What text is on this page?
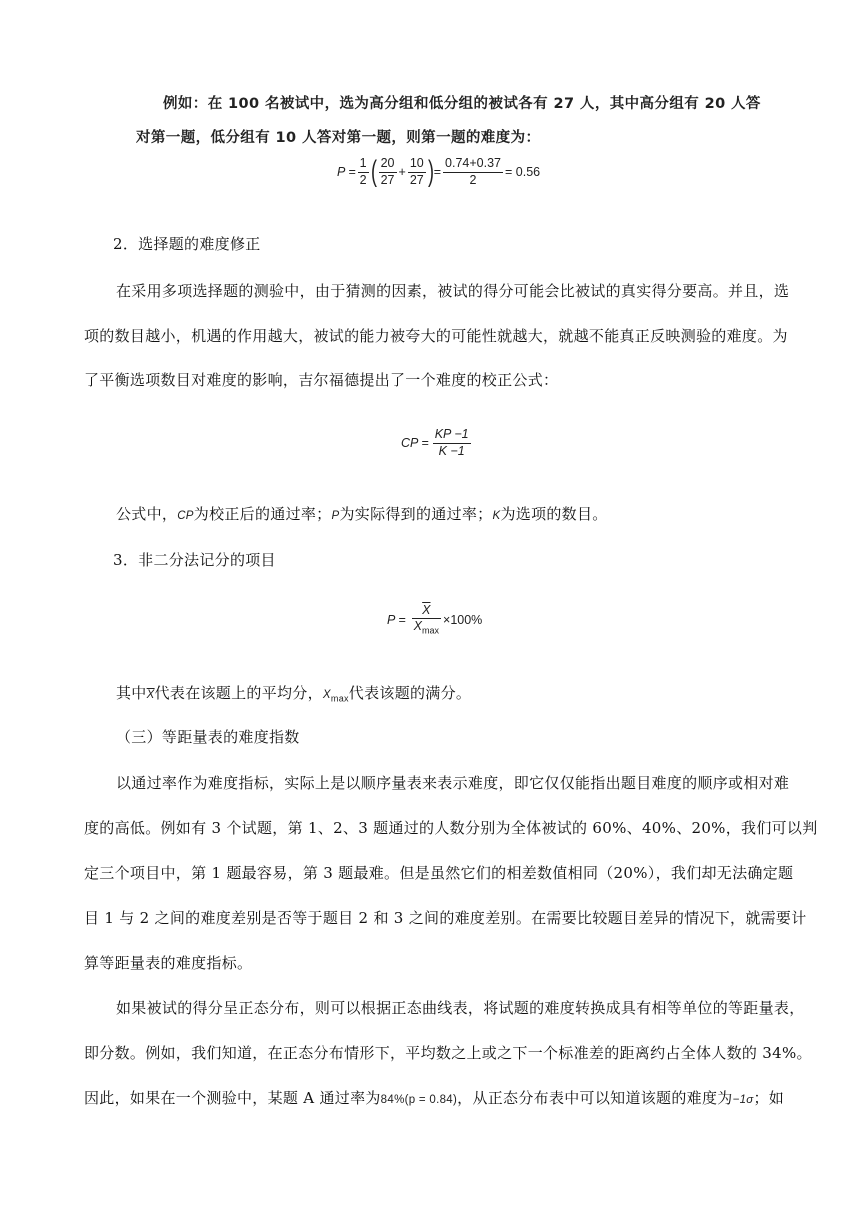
例如：在 100 名被试中，选为高分组和低分组的被试各有 27 人，其中高分组有 20 人答
对第一题，低分组有 10 人答对第一题，则第一题的难度为：
$P = \frac{1}{2}$ ( $\frac{20}{27} + \frac{10}{27}$ ) = $\frac{0.74+0.37}{2} = 0.56$
2．选择题的难度修正
在采用多项选择题的测验中，由于猜测的因素，被试的得分可能会比被试的真实得分要高。并且，选
项的数目越小，机遇的作用越大，被试的能力被夸大的可能性就越大，就越不能真正反映测验的难度。为
了平衡选项数目对难度的影响，吉尔福德提出了一个难度的校正公式：
CP = $\frac{KP -1}{K -1}$
公式中，CP为校正后的通过率；P为实际得到的通过率；K为选项的数目。
3．非二分法记分的项目
$P = \frac{\overline{X}}{X_{max}} \times 100\%$
其中$\overline{X}$代表在该题上的平均分，$X_{max}$代表该题的满分。
（三）等距量表的难度指数
以通过率作为难度指标，实际上是以顺序量表来表示难度，即它仅仅能指出题目难度的顺序或相对难
度的高低。例如有 3 个试题，第 1、2、3 题通过的人数分别为全体被试的 60%、40%、20%，我们可以判
定三个项目中，第 1 题最容易，第 3 题最难。但是虽然它们的相差数值相同（20%），我们却无法确定题
目 1 与 2 之间的难度差别是否等于题目 2 和 3 之间的难度差别。在需要比较题目差异的情况下，就需要计
算等距量表的难度指标。
如果被试的得分呈正态分布，则可以根据正态曲线表，将试题的难度转换成具有相等单位的等距量表，
即分数。例如，我们知道，在正态分布情形下，平均数之上或之下一个标准差的距离约占全体人数的 34%。
因此，如果在一个测验中，某题 A 通过率为84%(p = 0.84)，从正态分布表中可以知道该题的难度为−1σ；如
